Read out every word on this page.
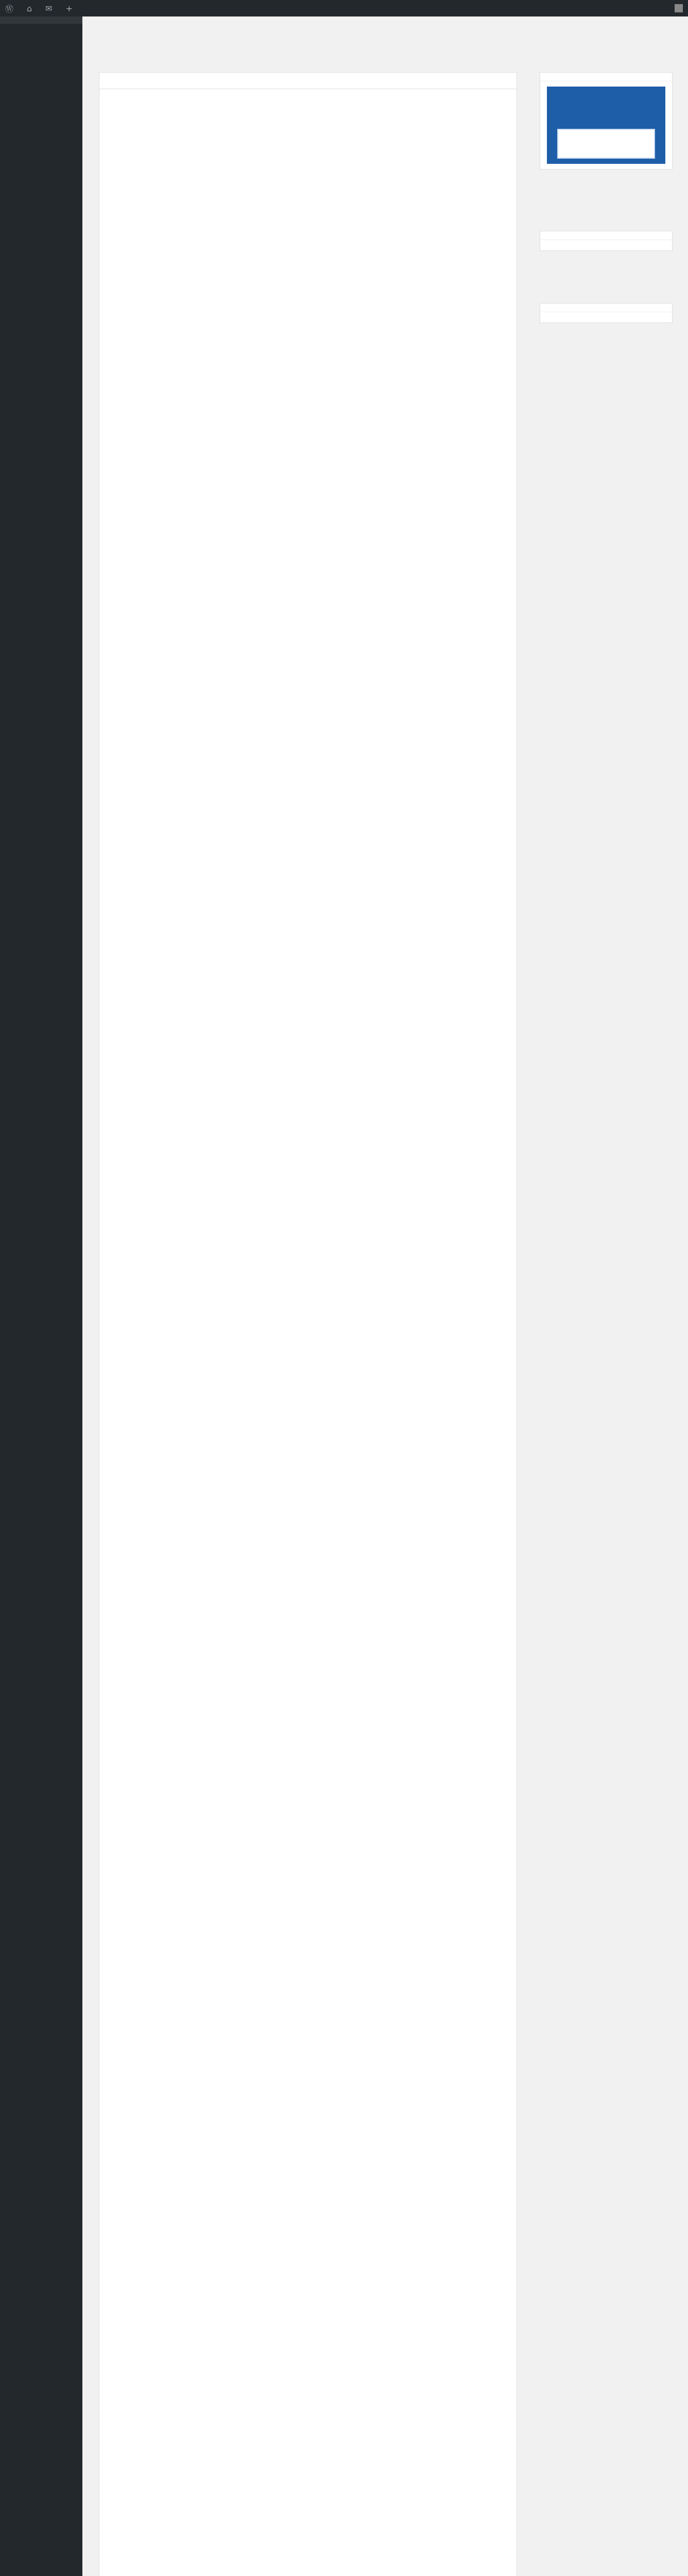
Ⓦ ⌂ ✉ +
